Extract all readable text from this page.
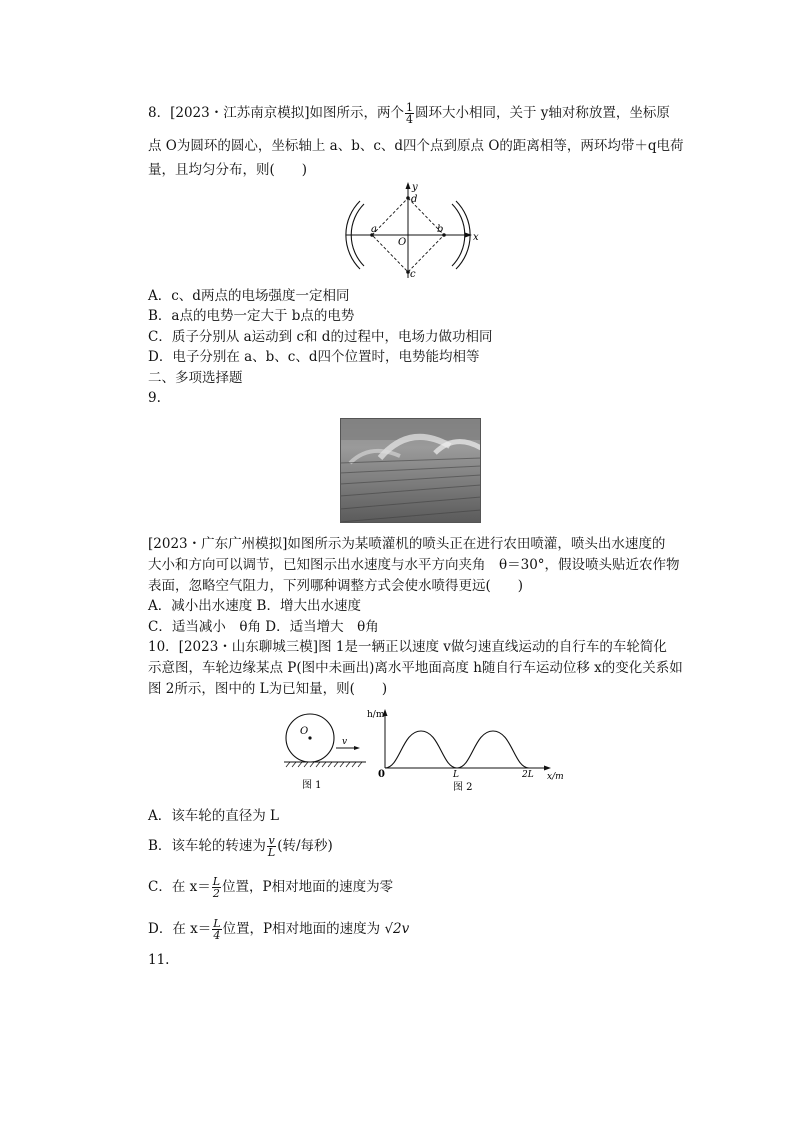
8．[2023・江苏南京模拟]如图所示，两个 $\frac{1}{4}$ 圆环大小相同，关于 y轴对称放置，坐标原
点 O为圆环的圆心，坐标轴上 a、b、c、d四个点到原点 O的距离相等，两环均带＋q电荷
量，且均匀分布，则(　　)
x
y
a	b
d
c
O
A．c、d两点的电场强度一定相同
B．a点的电势一定大于 b点的电势
C．质子分别从 a运动到 c和 d的过程中，电场力做功相同
D．电子分别在 a、b、c、d四个位置时，电势能均相等
二、多项选择题
9.
[2023・广东广州模拟]如图所示为某喷灌机的喷头正在进行农田喷灌，喷头出水速度的
大小和方向可以调节，已知图示出水速度与水平方向夹角　θ＝30°，假设喷头贴近农作物
表面，忽略空气阻力，下列哪种调整方式会使水喷得更远(　　)
A．减小出水速度 B．增大出水速度
C．适当减小　θ角 D．适当增大　θ角
10．[2023・山东聊城三模]图 1是一辆正以速度 v做匀速直线运动的自行车的车轮简化
示意图，车轮边缘某点 P(图中未画出)离水平地面高度 h随自行车运动位移 x的变化关系如
图 2所示，图中的 L为已知量，则(　　)
O
v
图 1
h/m
0	L	2L x/m
图 2
A．该车轮的直径为 L
B．该车轮的转速为 $\frac{v}{L}$ (转/每秒)
C．在 $x= \frac{L}{2}$ 位置，P相对地面的速度为零
D．在 $x= \frac{L}{4}$ 位置，P相对地面的速度为 √2v
11.
